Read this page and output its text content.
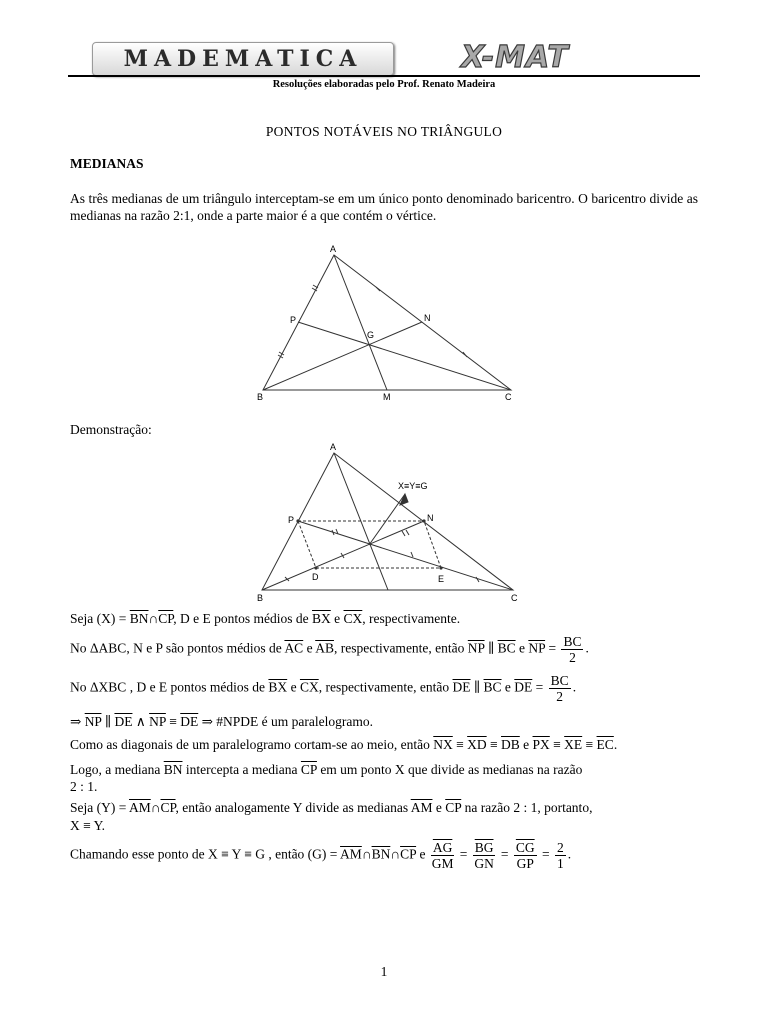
MADEMATICA	X-MAT
Resoluções elaboradas pelo Prof. Renato Madeira
PONTOS NOTÁVEIS NO TRIÂNGULO
MEDIANAS
As três medianas de um triângulo interceptam-se em um único ponto denominado baricentro. O baricentro divide as medianas na razão 2:1, onde a parte maior é a que contém o vértice.
A
B	C
M
N
P
G
A
B	C
P	N
D	E
X≡Y≡G
Demonstração:
Seja $(X) = \overline{BN}\cap\overline{CP}$, D e E pontos médios de $\overline{BX}$ e $\overline{CX}$, respectivamente.
No ΔABC, N e P são pontos médios de $\overline{AC}$ e $\overline{AB}$, respectivamente, então $\overline{NP}$ ∥ $\overline{BC}$ e $\overline{NP} = \frac{BC}{2}$ .
No ΔXBC , D e E pontos médios de $\overline{BX}$ e $\overline{CX}$, respectivamente, então $\overline{DE}$ ∥ $\overline{BC}$ e $\overline{DE} = \frac{BC}{2}$ .
⇒ $\overline{NP}$ ∥ $\overline{DE}$ ∧ $\overline{NP} \equiv \overline{DE}$ ⇒ #NPDE é um paralelogramo.
Como as diagonais de um paralelogramo cortam-se ao meio, então $\overline{NX} \equiv \overline{XD} \equiv \overline{DB}$ e $\overline{PX} \equiv \overline{XE} \equiv \overline{EC}$.
Logo, a mediana $\overline{BN}$ intercepta a mediana $\overline{CP}$ em um ponto X que divide as medianas na razão
2 : 1.
Seja $(Y) = \overline{AM}\cap\overline{CP}$, então analogamente Y divide as medianas $\overline{AM}$ e $\overline{CP}$ na razão 2 : 1, portanto,
X ≡ Y.
Chamando esse ponto de X ≡ Y ≡ G , então $(G) = \overline{AM}\cap\overline{BN}\cap\overline{CP}$ e $\frac{\overline{AG}}{GM} = \frac{\overline{BG}}{GN} = \frac{\overline{CG}}{GP} = \frac{2}{1}$ .
1
